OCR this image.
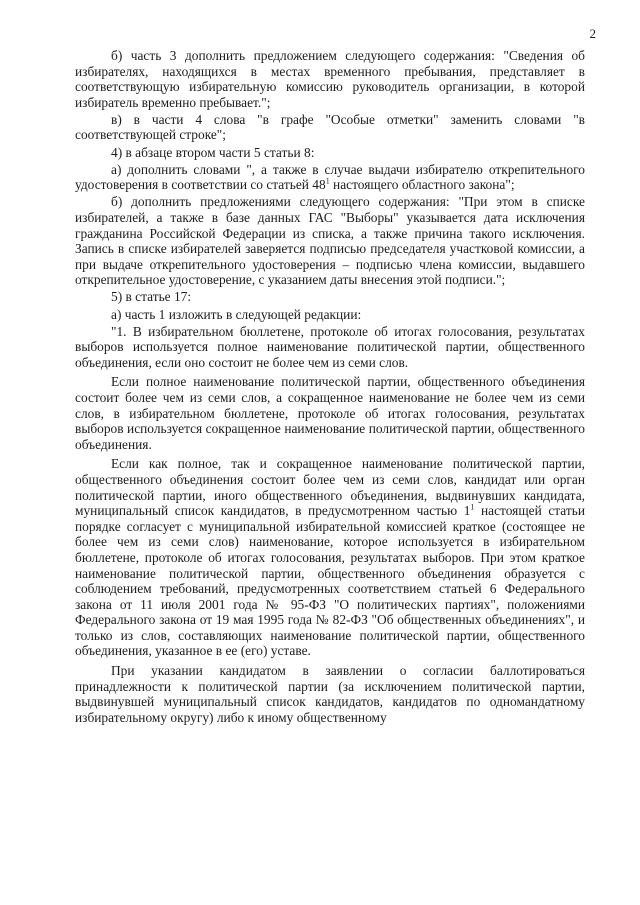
2

б) часть 3 дополнить предложением следующего содержания: "Сведения об избирателях, находящихся в местах временного пребывания, представляет в соответствующую избирательную комиссию руководитель организации, в которой избиратель временно пребывает.";

в) в части 4 слова "в графе "Особые отметки" заменить словами "в соответствующей строке";

4) в абзаце втором части 5 статьи 8:

а) дополнить словами ", а также в случае выдачи избирателю открепительного удостоверения в соответствии со статьей $48^1$ настоящего областного закона";

б) дополнить предложениями следующего содержания: "При этом в списке избирателей, а также в базе данных ГАС "Выборы" указывается дата исключения гражданина Российской Федерации из списка, а также причина такого исключения. Запись в списке избирателей заверяется подписью председателя участковой комиссии, а при выдаче открепительного удостоверения – подписью члена комиссии, выдавшего открепительное удостоверение, с указанием даты внесения этой подписи.";

5) в статье 17:

а) часть 1 изложить в следующей редакции:

"1. В избирательном бюллетене, протоколе об итогах голосования, результатах выборов используется полное наименование политической партии, общественного объединения, если оно состоит не более чем из семи слов.

Если полное наименование политической партии, общественного объединения состоит более чем из семи слов, а сокращенное наименование не более чем из семи слов, в избирательном бюллетене, протоколе об итогах голосования, результатах выборов используется сокращенное наименование политической партии, общественного объединения.

Если как полное, так и сокращенное наименование политической партии, общественного объединения состоит более чем из семи слов, кандидат или орган политической партии, иного общественного объединения, выдвинувших кандидата, муниципальный список кандидатов, в предусмотренном частью $1^1$ настоящей статьи порядке согласует с муниципальной избирательной комиссией краткое (состоящее не более чем из семи слов) наименование, которое используется в избирательном бюллетене, протоколе об итогах голосования, результатах выборов. При этом краткое наименование политической партии, общественного объединения образуется с соблюдением требований, предусмотренных соответствием статьей 6 Федерального закона от 11 июля 2001 года № 95-ФЗ "О политических партиях", положениями Федерального закона от 19 мая 1995 года № 82-ФЗ "Об общественных объединениях", и только из слов, составляющих наименование политической партии, общественного объединения, указанное в ее (его) уставе.

При указании кандидатом в заявлении о согласии баллотироваться принадлежности к политической партии (за исключением политической партии, выдвинувшей муниципальный список кандидатов, кандидатов по одномандатному избирательному округу) либо к иному общественному
